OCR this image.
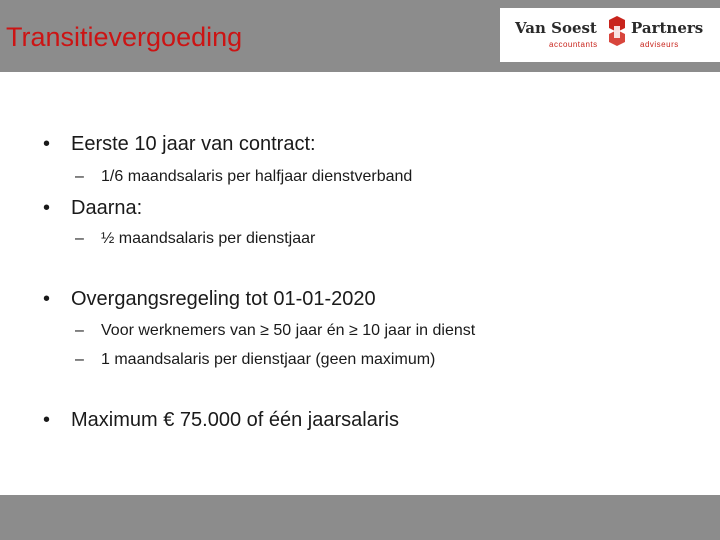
Transitievergoeding	Van Soest Partners
accountants	adviseurs
• Eerste 10 jaar van contract:
– 1/6 maandsalaris per halfjaar dienstverband
• Daarna:
– ½ maandsalaris per dienstjaar
• Overgangsregeling tot 01-01-2020
– Voor werknemers van ≥ 50 jaar én ≥ 10 jaar in dienst
– 1 maandsalaris per dienstjaar (geen maximum)
• Maximum € 75.000 of één jaarsalaris
